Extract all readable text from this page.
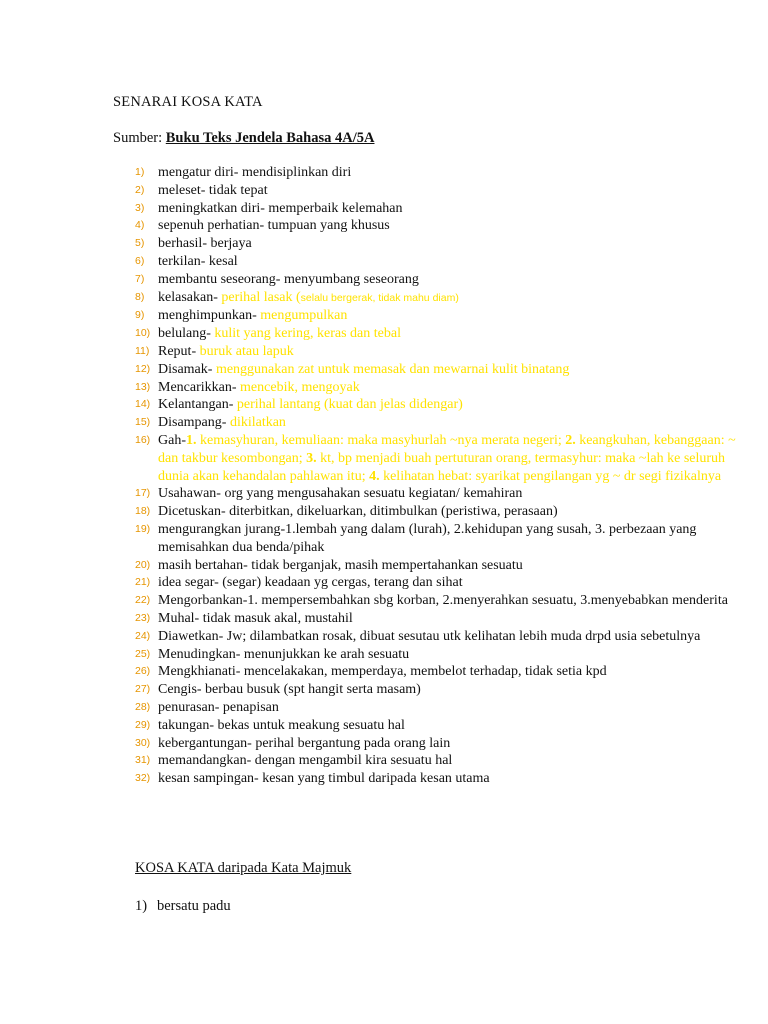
SENARAI KOSA KATA
Sumber: Buku Teks Jendela Bahasa 4A/5A
1) mengatur diri- mendisiplinkan diri
2) meleset- tidak tepat
3) meningkatkan diri- memperbaik kelemahan
4) sepenuh perhatian- tumpuan yang khusus
5) berhasil- berjaya
6) terkilan- kesal
7) membantu seseorang- menyumbang seseorang
8) kelasakan- perihal lasak (selalu bergerak, tidak mahu diam)
9) menghimpunkan- mengumpulkan
10) belulang- kulit yang kering, keras dan tebal
11) Reput- buruk atau lapuk
12) Disamak- menggunakan zat untuk memasak dan mewarnai kulit binatang
13) Mencarikkan- mencebik, mengoyak
14) Kelantangan- perihal lantang (kuat dan jelas didengar)
15) Disampang- dikilatkan
16) Gah-1. kemasyhuran, kemuliaan: maka masyhurlah ~nya merata negeri; 2. keangkuhan, kebanggaan: ~ dan takbur kesombongan; 3. kt, bp menjadi buah pertuturan orang, termasyhur: maka ~lah ke seluruh dunia akan kehandalan pahlawan itu; 4. kelihatan hebat: syarikat pengilangan yg ~ dr segi fizikalnya
17) Usahawan- org yang mengusahakan sesuatu kegiatan/ kemahiran
18) Dicetuskan- diterbitkan, dikeluarkan, ditimbulkan (peristiwa, perasaan)
19) mengurangkan jurang-1.lembah yang dalam (lurah), 2.kehidupan yang susah, 3. perbezaan yang memisahkan dua benda/pihak
20) masih bertahan- tidak berganjak, masih mempertahankan sesuatu
21) idea segar- (segar) keadaan yg cergas, terang dan sihat
22) Mengorbankan-1. mempersembahkan sbg korban, 2.menyerahkan sesuatu, 3.menyebabkan menderita
23) Muhal- tidak masuk akal, mustahil
24) Diawetkan- Jw; dilambatkan rosak, dibuat sesutau utk kelihatan lebih muda drpd usia sebetulnya
25) Menudingkan- menunjukkan ke arah sesuatu
26) Mengkhianati- mencelakakan, memperdaya, membelot terhadap, tidak setia kpd
27) Cengis- berbau busuk (spt hangit serta masam)
28) penurasan- penapisan
29) takungan- bekas untuk meakung sesuatu hal
30) kebergantungan- perihal bergantung pada orang lain
31) memandangkan- dengan mengambil kira sesuatu hal
32) kesan sampingan- kesan yang timbul daripada kesan utama
KOSA KATA daripada Kata Majmuk
1) bersatu padu
